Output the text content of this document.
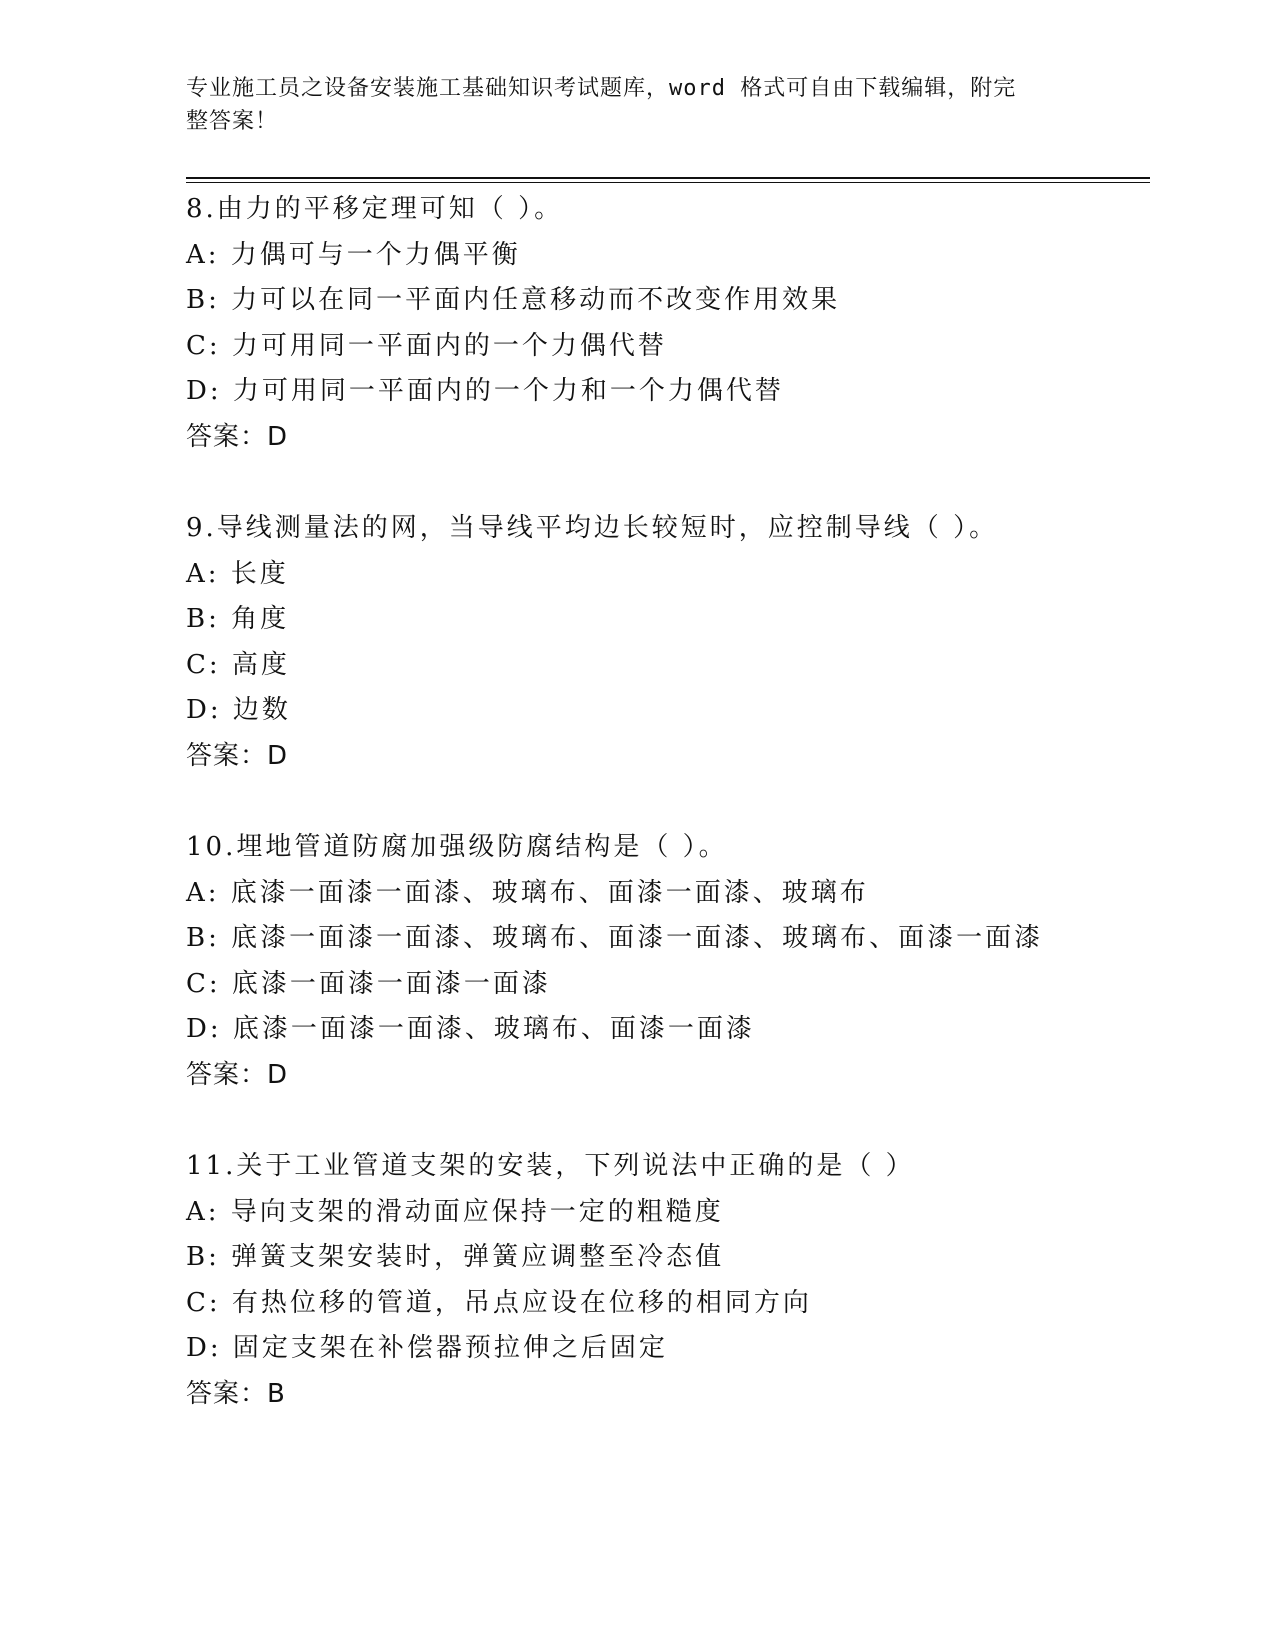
专业施工员之设备安装施工基础知识考试题库，word 格式可自由下载编辑，附完
整答案！
8.由力的平移定理可知（ ）。
A: 力偶可与一个力偶平衡
B: 力可以在同一平面内任意移动而不改变作用效果
C: 力可用同一平面内的一个力偶代替
D: 力可用同一平面内的一个力和一个力偶代替
答案：D
9.导线测量法的网，当导线平均边长较短时，应控制导线（ ）。
A: 长度
B: 角度
C: 高度
D: 边数
答案：D
10.埋地管道防腐加强级防腐结构是（ ）。
A: 底漆一面漆一面漆、玻璃布、面漆一面漆、玻璃布
B: 底漆一面漆一面漆、玻璃布、面漆一面漆、玻璃布、面漆一面漆
C: 底漆一面漆一面漆一面漆
D: 底漆一面漆一面漆、玻璃布、面漆一面漆
答案：D
11.关于工业管道支架的安装，下列说法中正确的是（ ）
A: 导向支架的滑动面应保持一定的粗糙度
B: 弹簧支架安装时，弹簧应调整至冷态值
C: 有热位移的管道，吊点应设在位移的相同方向
D: 固定支架在补偿器预拉伸之后固定
答案：B
